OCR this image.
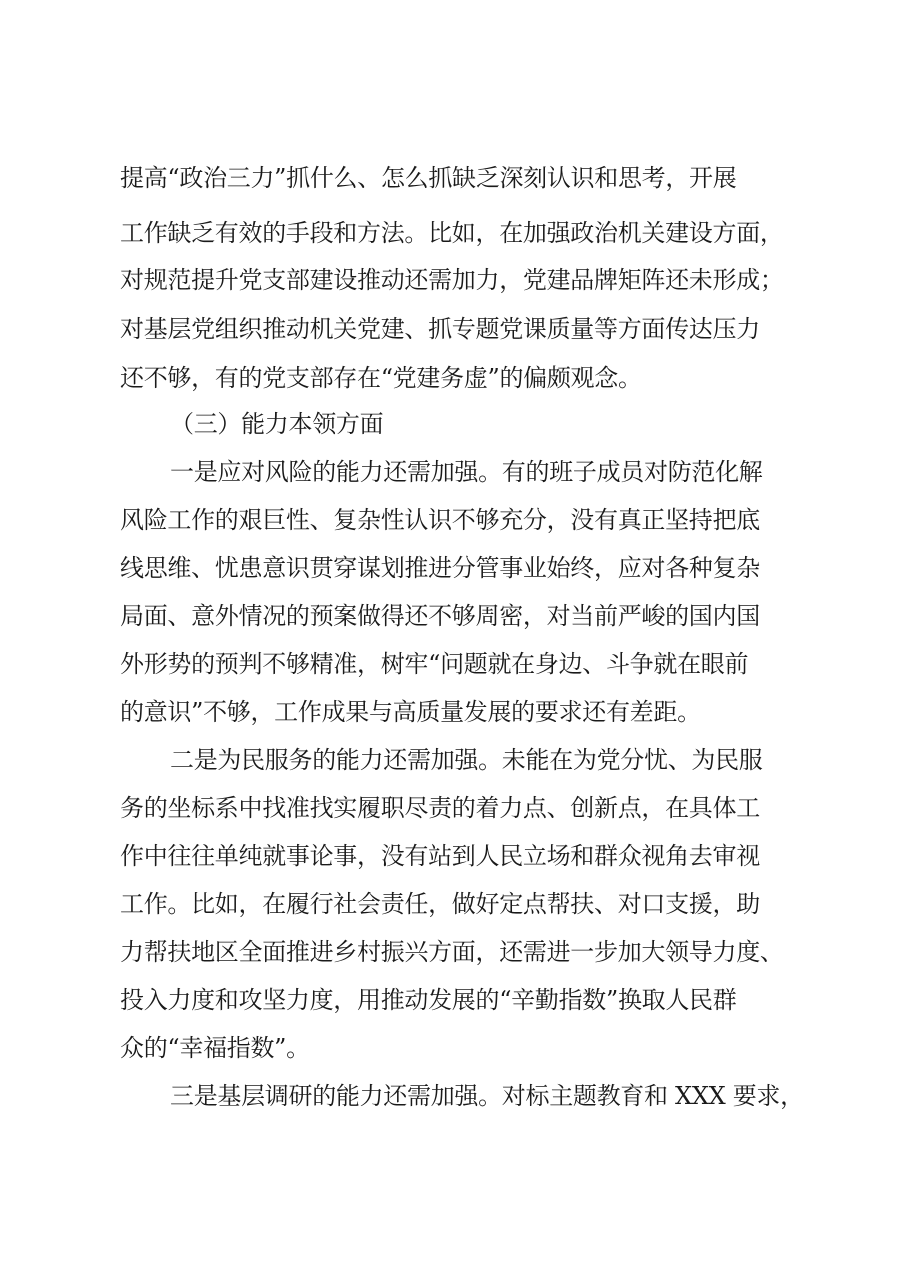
提高“政治三力”抓什么、怎么抓缺乏深刻认识和思考，开展
工作缺乏有效的手段和方法。比如，在加强政治机关建设方面，
对规范提升党支部建设推动还需加力，党建品牌矩阵还未形成；
对基层党组织推动机关党建、抓专题党课质量等方面传达压力
还不够，有的党支部存在“党建务虚”的偏颇观念。
（三）能力本领方面
一是应对风险的能力还需加强。有的班子成员对防范化解
风险工作的艰巨性、复杂性认识不够充分，没有真正坚持把底
线思维、忧患意识贯穿谋划推进分管事业始终，应对各种复杂
局面、意外情况的预案做得还不够周密，对当前严峻的国内国
外形势的预判不够精准，树牢“问题就在身边、斗争就在眼前
的意识”不够，工作成果与高质量发展的要求还有差距。
二是为民服务的能力还需加强。未能在为党分忧、为民服
务的坐标系中找准找实履职尽责的着力点、创新点，在具体工
作中往往单纯就事论事，没有站到人民立场和群众视角去审视
工作。比如，在履行社会责任，做好定点帮扶、对口支援，助
力帮扶地区全面推进乡村振兴方面，还需进一步加大领导力度、
投入力度和攻坚力度，用推动发展的“辛勤指数”换取人民群
众的“幸福指数”。
三是基层调研的能力还需加强。对标主题教育和 XXX 要求，
